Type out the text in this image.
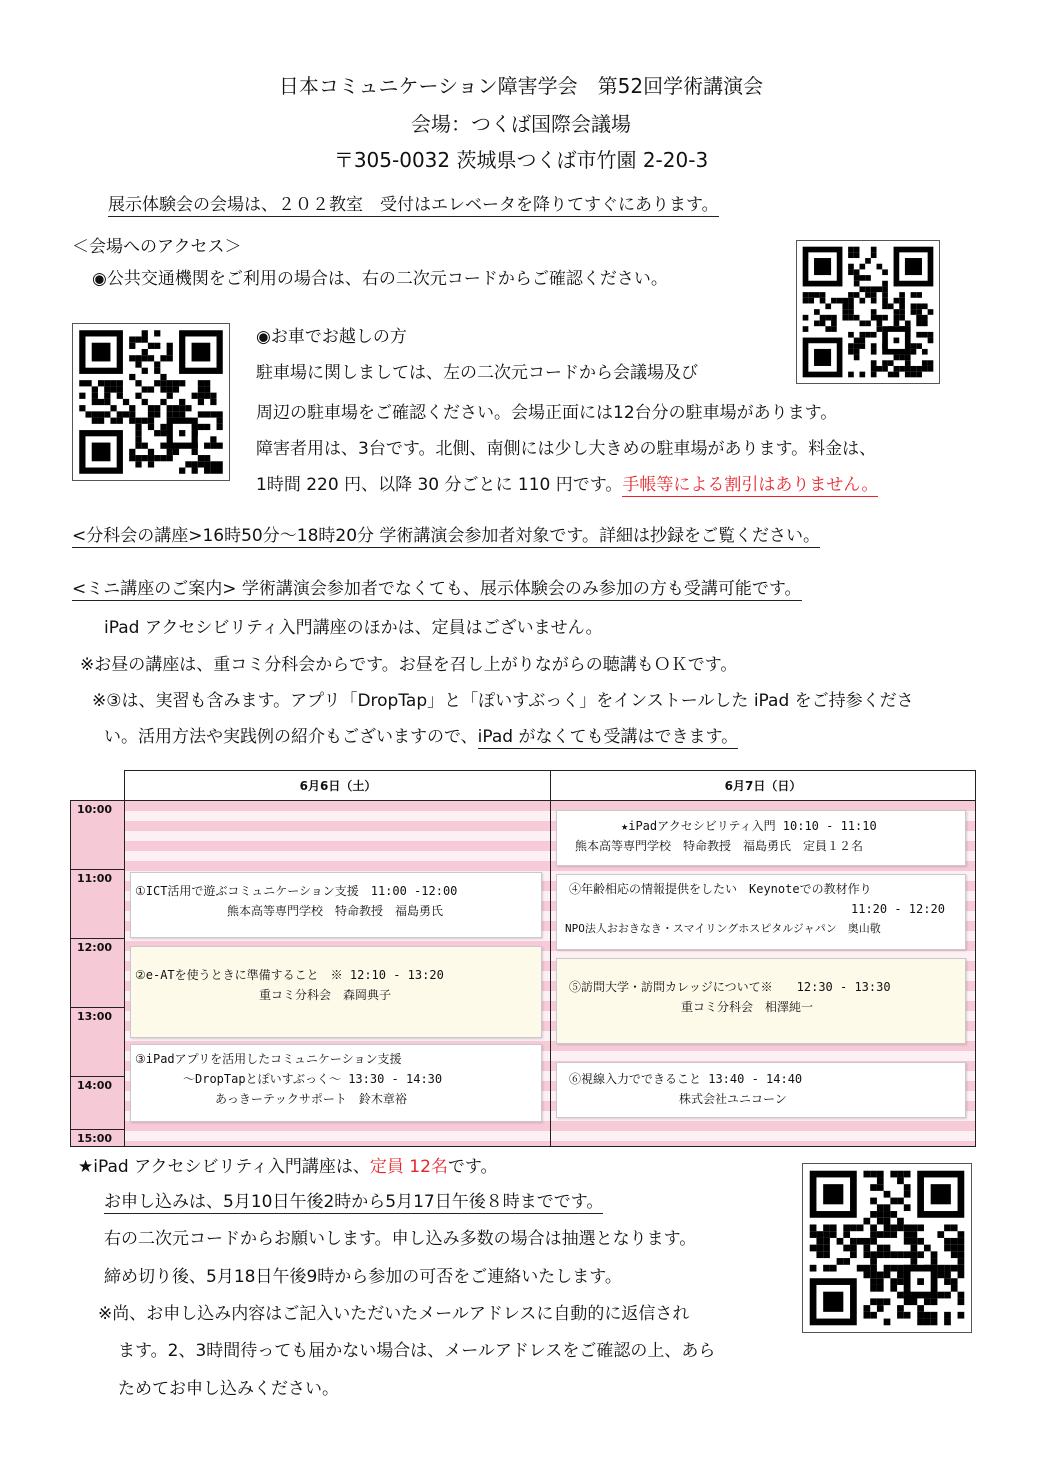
日本コミュニケーション障害学会　第52回学術講演会
会場：つくば国際会議場
〒305-0032 茨城県つくば市竹園 2-20-3
展示体験会の会場は、２０２教室　受付はエレベータを降りてすぐにあります。
＜会場へのアクセス＞
◉公共交通機関をご利用の場合は、右の二次元コードからご確認ください。
◉お車でお越しの方
駐車場に関しましては、左の二次元コードから会議場及び
周辺の駐車場をご確認ください。会場正面には12台分の駐車場があります。
障害者用は、3台です。北側、南側には少し大きめの駐車場があります。料金は、
1時間 220 円、以降 30 分ごとに 110 円です。手帳等による割引はありません。
<分科会の講座>16時50分～18時20分 学術講演会参加者対象です。詳細は抄録をご覧ください。
<ミニ講座のご案内> 学術講演会参加者でなくても、展示体験会のみ参加の方も受講可能です。
iPad アクセシビリティ入門講座のほかは、定員はございません。
※お昼の講座は、重コミ分科会からです。お昼を召し上がりながらの聴講もＯＫです。
※③は、実習も含みます。アプリ「DropTap」と「ぽいすぶっく」をインストールした iPad をご持参くださ
い。活用方法や実践例の紹介もございますので、iPad がなくても受講はできます。
6月6日（土）	6月7日（日）
10:00
11:00
12:00
13:00
14:00
15:00
①ICT活用で遊ぶコミュニケーション支援　11:00 -12:00
熊本高等専門学校　特命教授　福島勇氏
②e-ATを使うときに準備すること　※ 12:10 - 13:20
重コミ分科会　森岡典子
③iPadアプリを活用したコミュニケーション支援
～DropTapとぽいすぶっく～ 13:30 - 14:30
あっきーテックサポート　鈴木章裕
★iPadアクセシビリティ入門 10:10 - 11:10
熊本高等専門学校　特命教授　福島勇氏　定員１２名
④年齢相応の情報提供をしたい　Keynoteでの教材作り
11:20 - 12:20
NPO法人おおきなき・スマイリングホスピタルジャパン　奥山敬
⑤訪問大学・訪問カレッジについて※　　12:30 - 13:30
重コミ分科会　相澤純一
⑥視線入力でできること 13:40 - 14:40
株式会社ユニコーン
★iPad アクセシビリティ入門講座は、定員 12名です。
お申し込みは、5月10日午後2時から5月17日午後８時までです。
右の二次元コードからお願いします。申し込み多数の場合は抽選となります。
締め切り後、5月18日午後9時から参加の可否をご連絡いたします。
※尚、お申し込み内容はご記入いただいたメールアドレスに自動的に返信され
ます。2、3時間待っても届かない場合は、メールアドレスをご確認の上、あら
ためてお申し込みください。
